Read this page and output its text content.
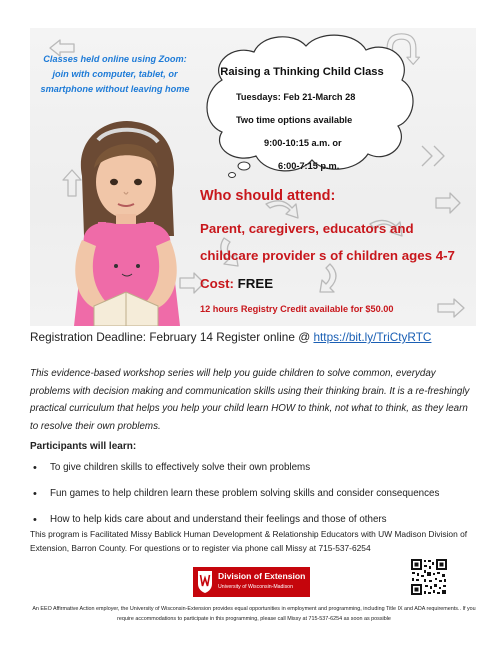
Classes held online using Zoom: join with computer, tablet, or smartphone without leaving home
Raising a Thinking Child Class
Tuesdays: Feb 21-March 28
Two time options available
9:00-10:15 a.m. or
6:00-7:15 p.m.
Who should attend:
Parent, caregivers, educators and
childcare provider s of children ages 4-7
Cost: FREE
12 hours Registry Credit available for $50.00
Registration Deadline: February 14 Register online @ https://bit.ly/TriCtyRTC

This evidence-based workshop series will help you guide children to solve common, everyday problems with decision making and communication skills using their thinking brain. It is a re-freshingly practical curriculum that helps you help your child learn HOW to think, not what to think, as they learn to resolve their own problems.

Participants will learn:
• To give children skills to effectively solve their own problems
• Fun games to help children learn these problem solving skills and consider consequences
• How to help kids care about and understand their feelings and those of others

This program is Facilitated Missy Bablick Human Development & Relationship Educators with UW Madison Division of Extension, Barron County. For questions or to register via phone call Missy at 715-537-6254

Division of Extension
University of Wisconsin-Madison

An EEO Affirmative Action employer, the University of Wisconsin-Extension provides equal opportunities in employment and programming, including Title IX and ADA requirements.. If you require accommodations to participate in this programming, please call Missy at 715-537-6254 as soon as possible
